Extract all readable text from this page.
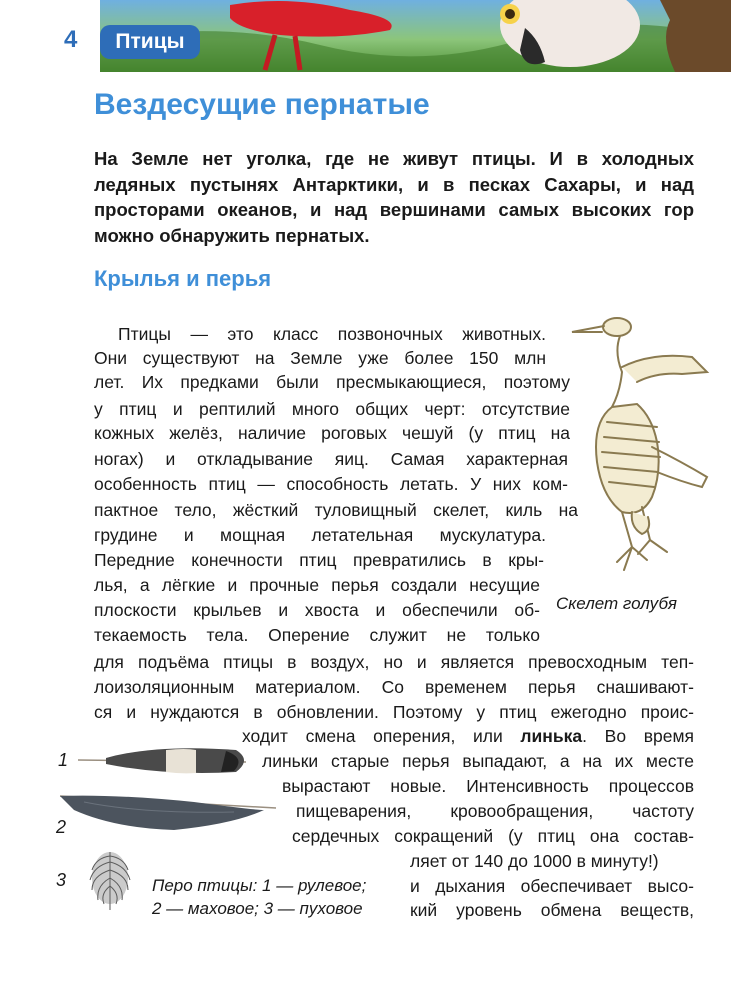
4	Птицы
Вездесущие пернатые
На Земле нет уголка, где не живут птицы. И в холодных ледяных пустынях Антарктики, и в песках Сахары, и над просторами океанов, и над вершинами самых высоких гор можно обнаружить пернатых.
Крылья и перья
Птицы — это класс позвоночных животных.
Они существуют на Земле уже более 150 млн
лет. Их предками были пресмыкающиеся, поэтому
у птиц и рептилий много общих черт: отсутствие
кожных желёз, наличие роговых чешуй (у птиц на
ногах) и откладывание яиц. Самая характерная
особенность птиц — способность летать. У них ком-
пактное тело, жёсткий туловищный скелет, киль на
грудине и мощная летательная мускулатура.
Передние конечности птиц превратились в кры-
лья, а лёгкие и прочные перья создали несущие
плоскости крыльев и хвоста и обеспечили об-
текаемость тела. Оперение служит не только
для подъёма птицы в воздух, но и является превосходным теп-
лоизоляционным материалом. Со временем перья снашивают-
ся и нуждаются в обновлении. Поэтому у птиц ежегодно проис-
ходит смена оперения, или линька. Во время
линьки старые перья выпадают, а на их месте
вырастают новые. Интенсивность процессов
пищеварения, кровообращения, частоту
сердечных сокращений (у птиц она состав-
ляет от 140 до 1000 в минуту!)
и дыхания обеспечивает высо-
кий уровень обмена веществ,
Скелет голубя
1
2
3	Перо птицы: 1 — рулевое;
2 — маховое; 3 — пуховое
